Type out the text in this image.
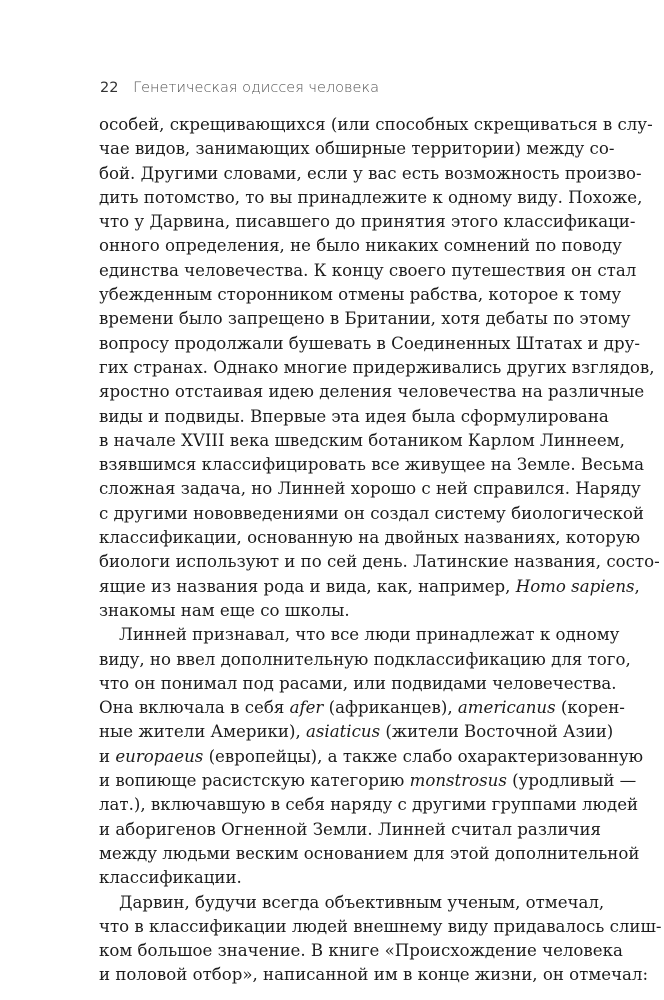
22 Генетическая одиссея человека
особей, скрещивающихся (или способных скрещиваться в слу-
чае видов, занимающих обширные территории) между со-
бой. Другими словами, если у вас есть возможность произво-
дить потомство, то вы принадлежите к одному виду. Похоже,
что у Дарвина, писавшего до принятия этого классификаци-
онного определения, не было никаких сомнений по поводу
единства человечества. К концу своего путешествия он стал
убежденным сторонником отмены рабства, которое к тому
времени было запрещено в Британии, хотя дебаты по этому
вопросу продолжали бушевать в Соединенных Штатах и дру-
гих странах. Однако многие придерживались других взглядов,
яростно отстаивая идею деления человечества на различные
виды и подвиды. Впервые эта идея была сформулирована
в начале XVIII века шведским ботаником Карлом Линнеем,
взявшимся классифицировать все живущее на Земле. Весьма
сложная задача, но Линней хорошо с ней справился. Наряду
с другими нововведениями он создал систему биологической
классификации, основанную на двойных названиях, которую
биологи используют и по сей день. Латинские названия, состо-
ящие из названия рода и вида, как, например, Homo sapiens,
знакомы нам еще со школы.
Линней признавал, что все люди принадлежат к одному
виду, но ввел дополнительную подклассификацию для того,
что он понимал под расами, или подвидами человечества.
Она включала в себя afer (африканцев), americanus (корен-
ные жители Америки), asiaticus (жители Восточной Азии)
и europaeus (европейцы), а также слабо охарактеризованную
и вопиюще расистскую категорию monstrosus (уродливый —
лат.), включавшую в себя наряду с другими группами людей
и аборигенов Огненной Земли. Линней считал различия
между людьми веским основанием для этой дополнительной
классификации.
Дарвин, будучи всегда объективным ученым, отмечал,
что в классификации людей внешнему виду придавалось слиш-
ком большое значение. В книге «Происхождение человека
и половой отбор», написанной им в конце жизни, он отмечал:
